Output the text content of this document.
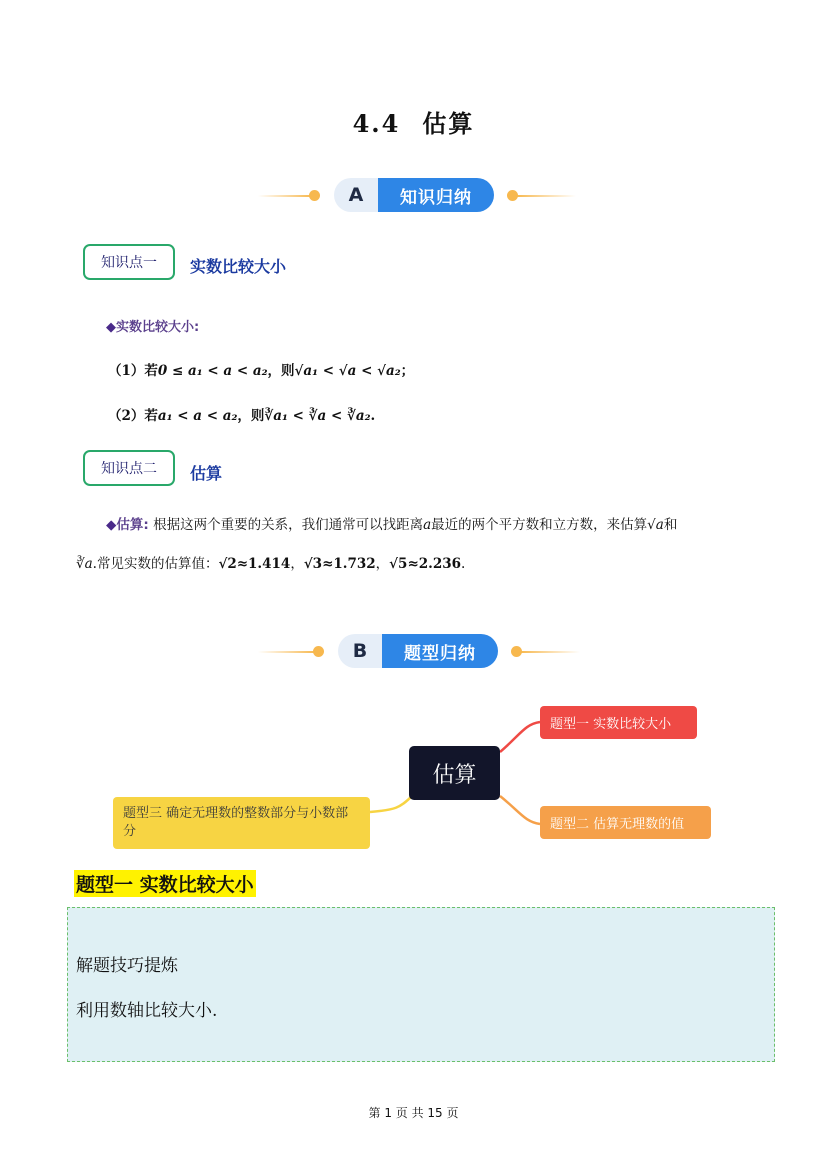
4.4 估算
A	知识归纳
知识点一	实数比较大小
◆实数比较大小:
（1）若0 ≤ a₁ < a < a₂，则√a₁ < √a < √a₂；
（2）若a₁ < a < a₂，则∛a₁ < ∛a < ∛a₂.
知识点二	估算
◆估算: 根据这两个重要的关系，我们通常可以找距离a最近的两个平方数和立方数，来估算√a和
∛a.常见实数的估算值：√2≈1.414，√3≈1.732，√5≈2.236.
B	题型归纳
估算
题型一 实数比较大小
题型二 估算无理数的值
题型三 确定无理数的整数部分与小数部分
题型一 实数比较大小
解题技巧提炼
利用数轴比较大小.
第 1 页 共 15 页
